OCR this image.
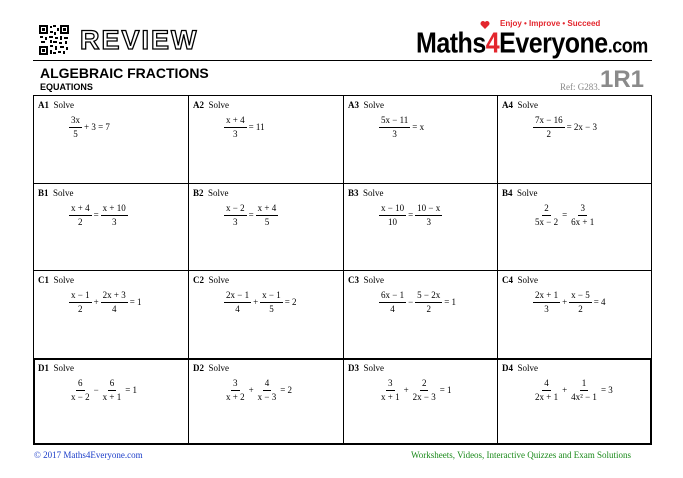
REVIEW
Enjoy • Improve • Succeed
Maths4Everyone.com
ALGEBRAIC FRACTIONS
EQUATIONS	Ref: G283. 1R1
A1 Solve
$\frac{3x}{5} + 3 = 7$
A2 Solve
$\frac{x + 4}{3} = 11$
A3 Solve
$\frac{5x - 11}{3} = x$
A4 Solve
$\frac{7x - 16}{2} = 2x - 3$
B1 Solve
$\frac{x + 4}{2} = \frac{x + 10}{3}$
B2 Solve
$\frac{x - 2}{3} = \frac{x + 4}{5}$
B3 Solve
$\frac{x - 10}{10} = \frac{10 - x}{3}$
B4 Solve
$\frac{2}{5x - 2} = \frac{3}{6x + 1}$
C1 Solve
$\frac{x - 1}{2} + \frac{2x + 3}{4} = 1$
C2 Solve
$\frac{2x - 1}{4} + \frac{x - 1}{5} = 2$
C3 Solve
$\frac{6x - 1}{4} - \frac{5 - 2x}{2} = 1$
C4 Solve
$\frac{2x + 1}{3} + \frac{x - 5}{2} = 4$
D1 Solve
$\frac{6}{x - 2} - \frac{6}{x + 1} = 1$
D2 Solve
$\frac{3}{x + 2} + \frac{4}{x - 3} = 2$
D3 Solve
$\frac{3}{x + 1} + \frac{2}{2x - 3} = 1$
D4 Solve
$\frac{4}{2x + 1} + \frac{1}{\text{4x² − 1}} = 3$
© 2017 Maths4Everyone.com	Worksheets, Videos, Interactive Quizzes and Exam Solutions
